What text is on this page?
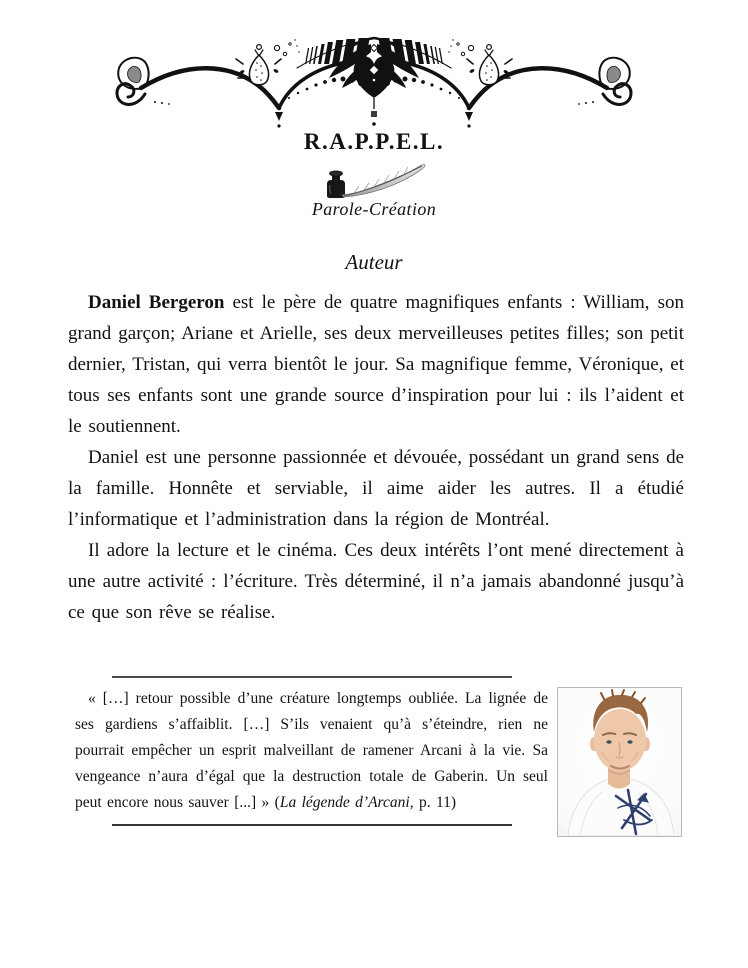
R.A.P.P.E.L.
Parole-Création
Auteur

Daniel Bergeron est le père de quatre magnifiques enfants : William, son grand garçon; Ariane et Arielle, ses deux merveilleuses petites filles; son petit dernier, Tristan, qui verra bientôt le jour. Sa magnifique femme, Véronique, et tous ses enfants sont une grande source d’inspiration pour lui : ils l’aident et le soutiennent.

Daniel est une personne passionnée et dévouée, possédant un grand sens de la famille. Honnête et serviable, il aime aider les autres. Il a étudié l’informatique et l’administration dans la région de Montréal.

Il adore la lecture et le cinéma. Ces deux intérêts l’ont mené directement à une autre activité : l’écriture. Très déterminé, il n’a jamais abandonné jusqu’à ce que son rêve se réalise.

« […] retour possible d’une créature longtemps oubliée. La lignée de ses gardiens s’affaiblit. […] S’ils venaient qu’à s’éteindre, rien ne pourrait empêcher un esprit malveillant de ramener Arcani à la vie. Sa vengeance n’aura d’égal que la destruction totale de Gaberin. Un seul peut encore nous sauver [...] » (La légende d’Arcani, p. 11)
